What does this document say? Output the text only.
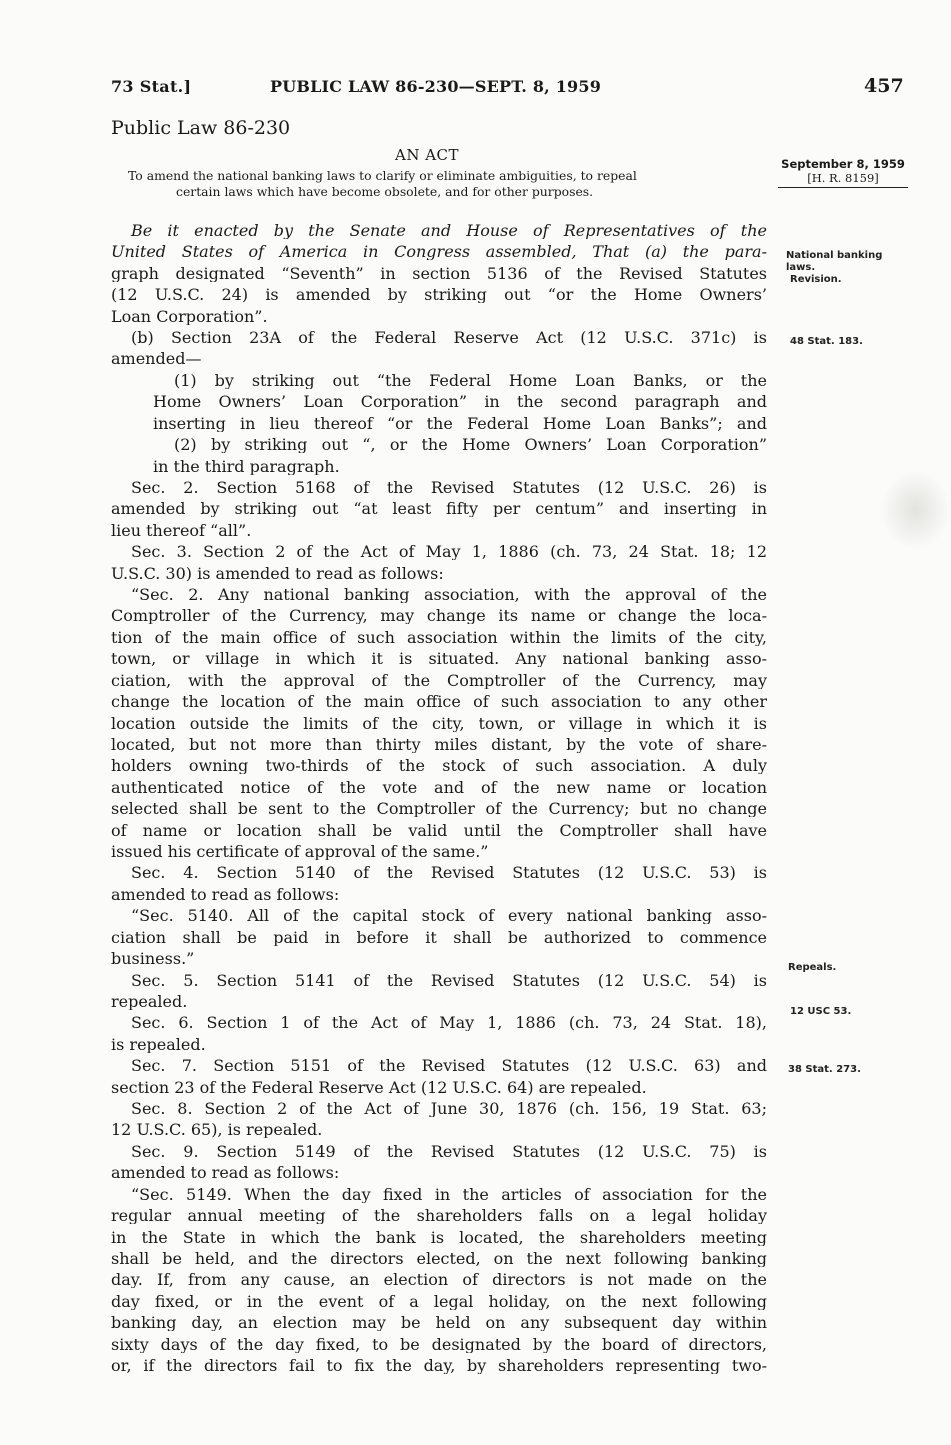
73 Stat.]	PUBLIC LAW 86-230—SEPT. 8, 1959	457
Public Law 86-230
AN ACT
To amend the national banking laws to clarify or eliminate ambiguities, to repeal
certain laws which have become obsolete, and for other purposes.
September 8, 1959
[H. R. 8159]
National banking laws.
Revision.
48 Stat. 183.
Repeals.
12 USC 53.
38 Stat. 273.
Be it enacted by the Senate and House of Representatives of the
United States of America in Congress assembled, That (a) the para-
graph designated “Seventh” in section 5136 of the Revised Statutes
(12 U.S.C. 24) is amended by striking out “or the Home Owners’
Loan Corporation”.
(b) Section 23A of the Federal Reserve Act (12 U.S.C. 371c) is
amended—
(1) by striking out “the Federal Home Loan Banks, or the
Home Owners’ Loan Corporation” in the second paragraph and
inserting in lieu thereof “or the Federal Home Loan Banks”; and
(2) by striking out “, or the Home Owners’ Loan Corporation”
in the third paragraph.
Sec. 2. Section 5168 of the Revised Statutes (12 U.S.C. 26) is
amended by striking out “at least fifty per centum” and inserting in
lieu thereof “all”.
Sec. 3. Section 2 of the Act of May 1, 1886 (ch. 73, 24 Stat. 18; 12
U.S.C. 30) is amended to read as follows:
“Sec. 2. Any national banking association, with the approval of the
Comptroller of the Currency, may change its name or change the loca-
tion of the main office of such association within the limits of the city,
town, or village in which it is situated. Any national banking asso-
ciation, with the approval of the Comptroller of the Currency, may
change the location of the main office of such association to any other
location outside the limits of the city, town, or village in which it is
located, but not more than thirty miles distant, by the vote of share-
holders owning two-thirds of the stock of such association. A duly
authenticated notice of the vote and of the new name or location
selected shall be sent to the Comptroller of the Currency; but no change
of name or location shall be valid until the Comptroller shall have
issued his certificate of approval of the same.”
Sec. 4. Section 5140 of the Revised Statutes (12 U.S.C. 53) is
amended to read as follows:
“Sec. 5140. All of the capital stock of every national banking asso-
ciation shall be paid in before it shall be authorized to commence
business.”
Sec. 5. Section 5141 of the Revised Statutes (12 U.S.C. 54) is
repealed.
Sec. 6. Section 1 of the Act of May 1, 1886 (ch. 73, 24 Stat. 18),
is repealed.
Sec. 7. Section 5151 of the Revised Statutes (12 U.S.C. 63) and
section 23 of the Federal Reserve Act (12 U.S.C. 64) are repealed.
Sec. 8. Section 2 of the Act of June 30, 1876 (ch. 156, 19 Stat. 63;
12 U.S.C. 65), is repealed.
Sec. 9. Section 5149 of the Revised Statutes (12 U.S.C. 75) is
amended to read as follows:
“Sec. 5149. When the day fixed in the articles of association for the
regular annual meeting of the shareholders falls on a legal holiday
in the State in which the bank is located, the shareholders meeting
shall be held, and the directors elected, on the next following banking
day. If, from any cause, an election of directors is not made on the
day fixed, or in the event of a legal holiday, on the next following
banking day, an election may be held on any subsequent day within
sixty days of the day fixed, to be designated by the board of directors,
or, if the directors fail to fix the day, by shareholders representing two-
